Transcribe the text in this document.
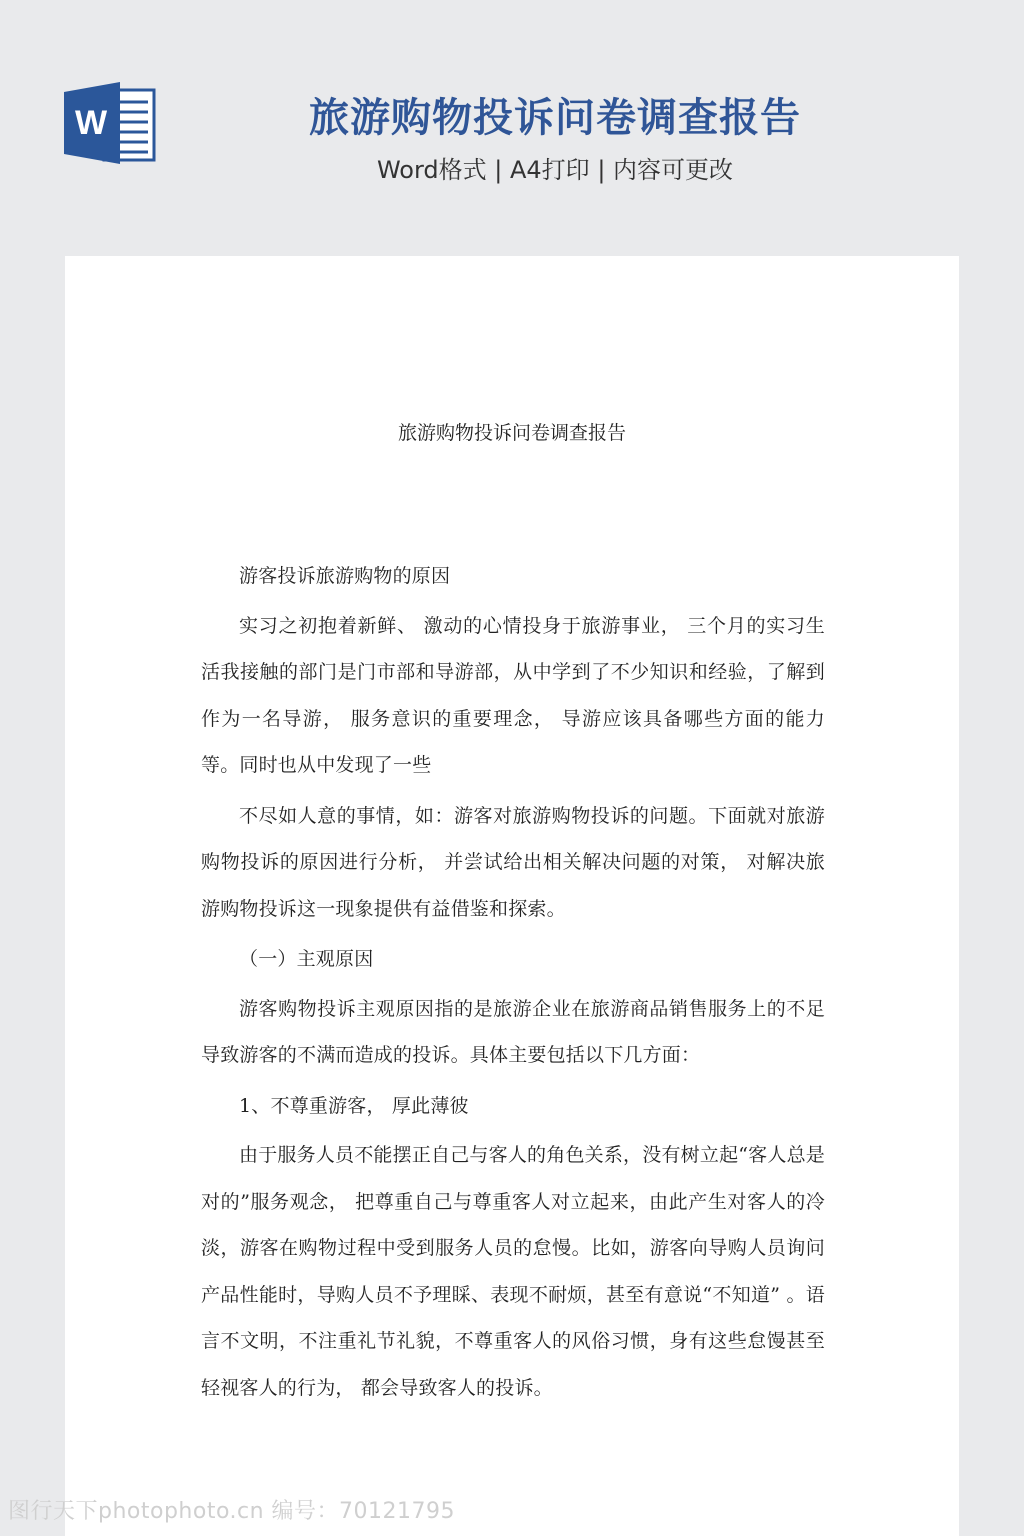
W	旅游购物投诉问卷调查报告
Word格式 | A4打印 | 内容可更改
旅游购物投诉问卷调查报告

游客投诉旅游购物的原因

实习之初抱着新鲜、 激动的心情投身于旅游事业， 三个月的实习生活我接触的部门是门市部和导游部，从中学到了不少知识和经验，了解到作为一名导游， 服务意识的重要理念， 导游应该具备哪些方面的能力等。同时也从中发现了一些

不尽如人意的事情，如：游客对旅游购物投诉的问题。下面就对旅游购物投诉的原因进行分析， 并尝试给出相关解决问题的对策， 对解决旅游购物投诉这一现象提供有益借鉴和探索。

（一）主观原因

游客购物投诉主观原因指的是旅游企业在旅游商品销售服务上的不足导致游客的不满而造成的投诉。具体主要包括以下几方面：

1、不尊重游客， 厚此薄彼

由于服务人员不能摆正自己与客人的角色关系，没有树立起“客人总是对的”服务观念， 把尊重自己与尊重客人对立起来，由此产生对客人的冷淡，游客在购物过程中受到服务人员的怠慢。比如，游客向导购人员询问产品性能时，导购人员不予理睬、表现不耐烦，甚至有意说“不知道” 。语言不文明，不注重礼节礼貌，不尊重客人的风俗习惯，身有这些怠馒甚至轻视客人的行为， 都会导致客人的投诉。

图行天下photophoto.cn 编号：70121795
